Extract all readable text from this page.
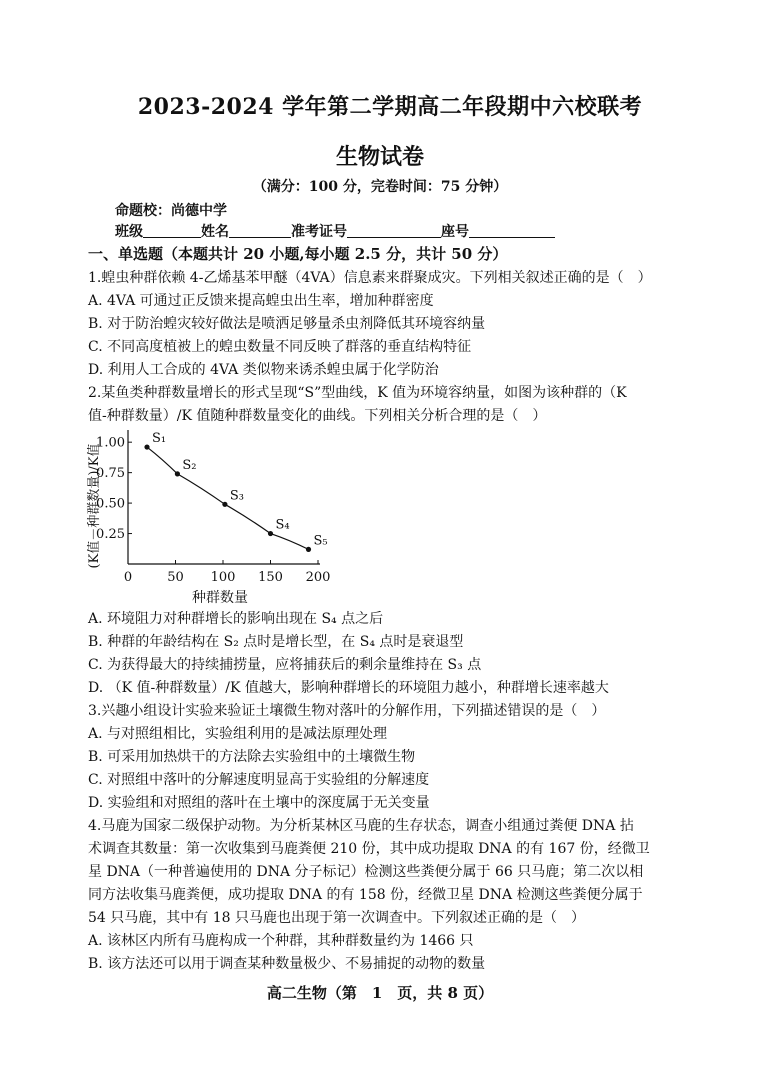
2023-2024 学年第二学期高二年段期中六校联考
生物试卷
（满分：100 分，完卷时间：75 分钟）
命题校：尚德中学
班级	姓名	准考证号	座号
一、单选题（本题共计 20 小题,每小题 2.5 分，共计 50 分）
1.蝗虫种群依赖 4-乙烯基苯甲醚（4VA）信息素来群聚成灾。下列相关叙述正确的是（　）
A. 4VA 可通过正反馈来提高蝗虫出生率，增加种群密度
B. 对于防治蝗灾较好做法是喷洒足够量杀虫剂降低其环境容纳量
C. 不同高度植被上的蝗虫数量不同反映了群落的垂直结构特征
D. 利用人工合成的 4VA 类似物来诱杀蝗虫属于化学防治
2.某鱼类种群数量增长的形式呈现“S”型曲线，K 值为环境容纳量，如图为该种群的（K
值-种群数量）/K 值随种群数量变化的曲线。下列相关分析合理的是（　）
(K值－种群数量)/K值
0.25
0.50
0.75
1.00
0	50 100 150 200
S₁
S₂
S₃
S₄
S₅
种群数量
A. 环境阻力对种群增长的影响出现在 S₄ 点之后
B. 种群的年龄结构在 S₂ 点时是增长型，在 S₄ 点时是衰退型
C. 为获得最大的持续捕捞量，应将捕获后的剩余量维持在 S₃ 点
D. （K 值-种群数量）/K 值越大，影响种群增长的环境阻力越小，种群增长速率越大
3.兴趣小组设计实验来验证土壤微生物对落叶的分解作用，下列描述错误的是（　）
A. 与对照组相比，实验组利用的是减法原理处理
B. 可采用加热烘干的方法除去实验组中的土壤微生物
C. 对照组中落叶的分解速度明显高于实验组的分解速度
D. 实验组和对照组的落叶在土壤中的深度属于无关变量
4.马鹿为国家二级保护动物。为分析某林区马鹿的生存状态，调查小组通过粪便 DNA 拈
术调查其数量：第一次收集到马鹿粪便 210 份，其中成功提取 DNA 的有 167 份，经微卫
星 DNA（一种普遍使用的 DNA 分子标记）检测这些粪便分属于 66 只马鹿；第二次以相
同方法收集马鹿粪便，成功提取 DNA 的有 158 份，经微卫星 DNA 检测这些粪便分属于
54 只马鹿，其中有 18 只马鹿也出现于第一次调查中。下列叙述正确的是（　）
A. 该林区内所有马鹿构成一个种群，其种群数量约为 1466 只
B. 该方法还可以用于调查某种数量极少、不易捕捉的动物的数量
高二生物（第　1　页，共 8 页）
